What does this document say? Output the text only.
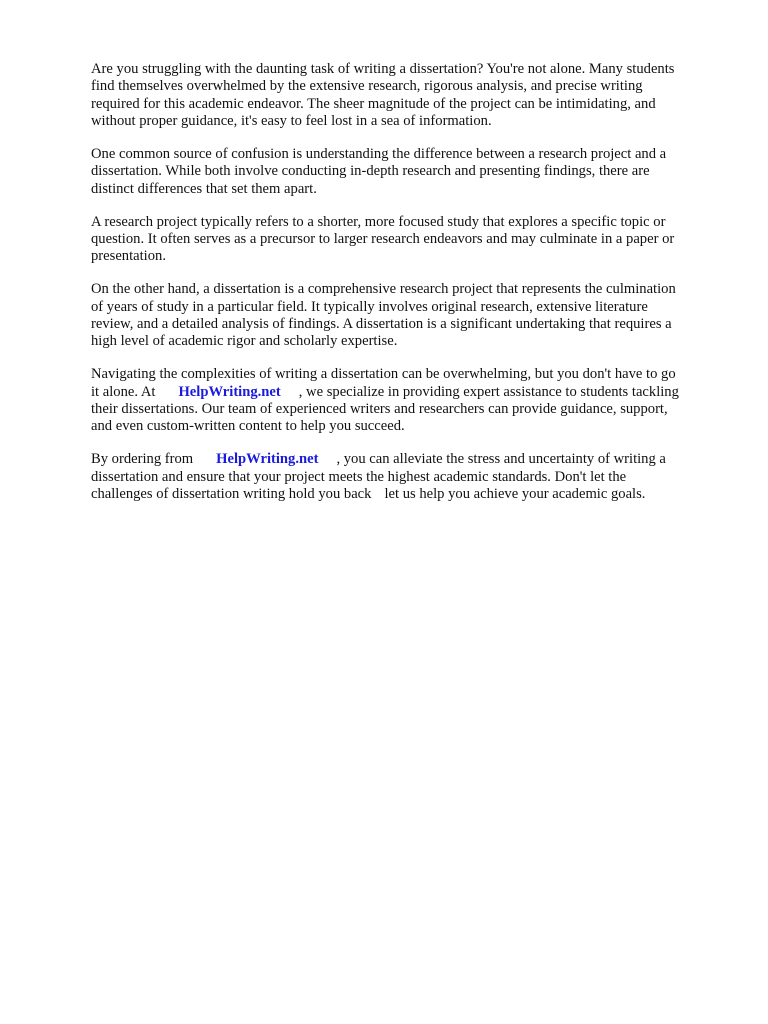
Are you struggling with the daunting task of writing a dissertation? You're not alone. Many students
find themselves overwhelmed by the extensive research, rigorous analysis, and precise writing
required for this academic endeavor. The sheer magnitude of the project can be intimidating, and
without proper guidance, it's easy to feel lost in a sea of information.

One common source of confusion is understanding the difference between a research project and a
dissertation. While both involve conducting in-depth research and presenting findings, there are
distinct differences that set them apart.

A research project typically refers to a shorter, more focused study that explores a specific topic or
question. It often serves as a precursor to larger research endeavors and may culminate in a paper or
presentation.

On the other hand, a dissertation is a comprehensive research project that represents the culmination
of years of study in a particular field. It typically involves original research, extensive literature
review, and a detailed analysis of findings. A dissertation is a significant undertaking that requires a
high level of academic rigor and scholarly expertise.

Navigating the complexities of writing a dissertation can be overwhelming, but you don't have to go
it alone. At HelpWriting.net , we specialize in providing expert assistance to students tackling
their dissertations. Our team of experienced writers and researchers can provide guidance, support,
and even custom-written content to help you succeed.

By ordering from HelpWriting.net , you can alleviate the stress and uncertainty of writing a
dissertation and ensure that your project meets the highest academic standards. Don't let the
challenges of dissertation writing hold you back let us help you achieve your academic goals.
